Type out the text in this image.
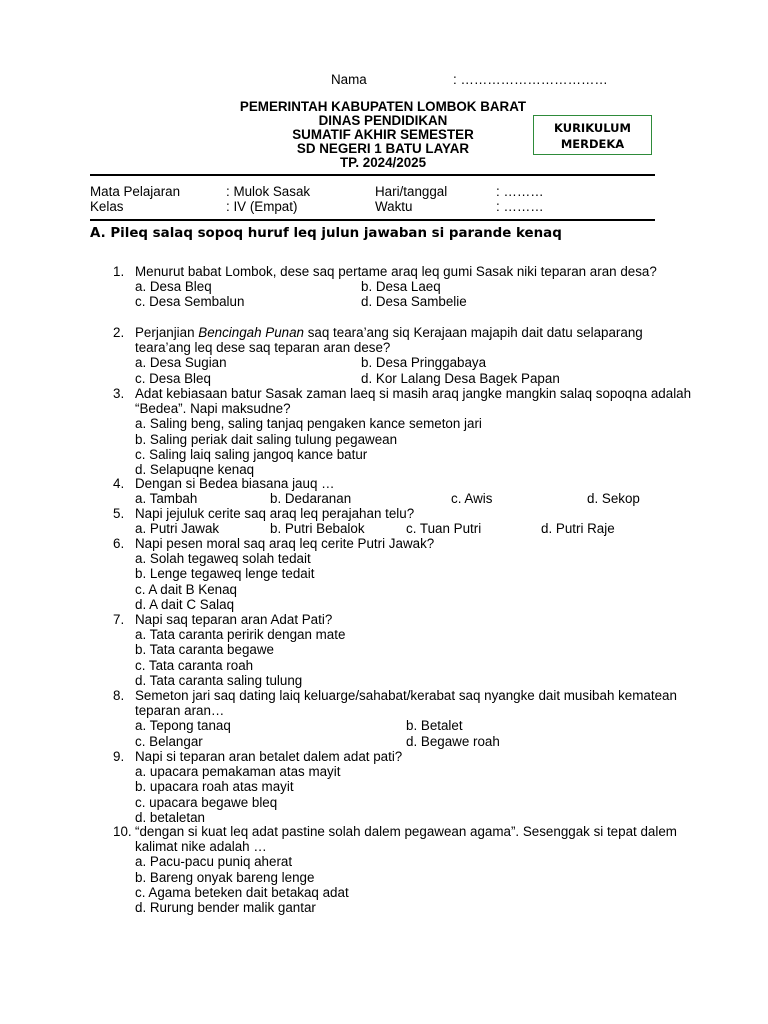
Nama	: ……………………………
PEMERINTAH KABUPATEN LOMBOK BARAT
DINAS PENDIDIKAN
SUMATIF AKHIR SEMESTER
SD NEGERI 1 BATU LAYAR
TP. 2024/2025
KURIKULUM
MERDEKA
Mata Pelajaran	: Mulok Sasak	Hari/tanggal	: ………
Kelas	: IV (Empat)	Waktu	: ………
A. Pileq salaq sopoq huruf leq julun jawaban si parande kenaq
1. Menurut babat Lombok, dese saq pertame araq leq gumi Sasak niki teparan aran desa?
a. Desa Bleq	b. Desa Laeq
c. Desa Sembalun	d. Desa Sambelie
2. Perjanjian Bencingah Punan saq teara’ang siq Kerajaan majapih dait datu selaparang teara’ang leq dese saq teparan aran dese?
a. Desa Sugian	b. Desa Pringgabaya
c. Desa Bleq	d. Kor Lalang Desa Bagek Papan
3. Adat kebiasaan batur Sasak zaman laeq si masih araq jangke mangkin salaq sopoqna adalah “Bedea”. Napi maksudne?
a. Saling beng, saling tanjaq pengaken kance semeton jari
b. Saling periak dait saling tulung pegawean
c. Saling laiq saling jangoq kance batur
d. Selapuqne kenaq
4. Dengan si Bedea biasana jauq …
a. Tambah	b. Dedaranan	c. Awis	d. Sekop
5. Napi jejuluk cerite saq araq leq perajahan telu?
a. Putri Jawak	b. Putri Bebalok	c. Tuan Putri	d. Putri Raje
6. Napi pesen moral saq araq leq cerite Putri Jawak?
a. Solah tegaweq solah tedait
b. Lenge tegaweq lenge tedait
c. A dait B Kenaq
d. A dait C Salaq
7. Napi saq teparan aran Adat Pati?
a. Tata caranta peririk dengan mate
b. Tata caranta begawe
c. Tata caranta roah
d. Tata caranta saling tulung
8. Semeton jari saq dating laiq keluarge/sahabat/kerabat saq nyangke dait musibah kematean teparan aran…
a. Tepong tanaq	b. Betalet
c. Belangar	d. Begawe roah
9. Napi si teparan aran betalet dalem adat pati?
a. upacara pemakaman atas mayit
b. upacara roah atas mayit
c. upacara begawe bleq
d. betaletan
10. “dengan si kuat leq adat pastine solah dalem pegawean agama”. Sesenggak si tepat dalem kalimat nike adalah …
a. Pacu-pacu puniq aherat
b. Bareng onyak bareng lenge
c. Agama beteken dait betakaq adat
d. Rurung bender malik gantar
